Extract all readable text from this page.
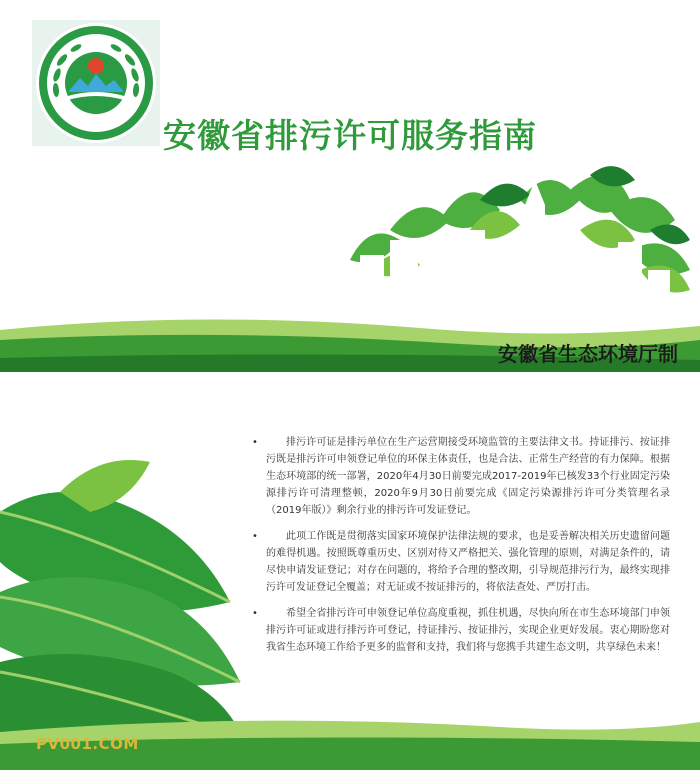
ZHB	安徽省排污许可服务指南
安徽省生态环境厅制
PV001.COM
•	排污许可证是排污单位在生产运营期接受环境监管的主要法律文书。持证排污、按证排污既是排污许可申领登记单位的环保主体责任，也是合法、正常生产经营的有力保障。根据生态环境部的统一部署，2020年4月30日前要完成2017-2019年已核发33个行业固定污染源排污许可清理整顿，2020年9月30日前要完成《固定污染源排污许可分类管理名录（2019年版）》剩余行业的排污许可发证登记。
•	此项工作既是贯彻落实国家环境保护法律法规的要求，也是妥善解决相关历史遗留问题的难得机遇。按照既尊重历史、区别对待又严格把关、强化管理的原则，对满足条件的，请尽快申请发证登记；对存在问题的，将给予合理的整改期，引导规范排污行为，最终实现排污许可发证登记全覆盖；对无证或不按证排污的，将依法查处、严厉打击。
•	希望全省排污许可申领登记单位高度重视，抓住机遇，尽快向所在市生态环境部门申领排污许可证或进行排污许可登记，持证排污、按证排污，实现企业更好发展。衷心期盼您对我省生态环境工作给予更多的监督和支持，我们将与您携手共建生态文明，共享绿色未来！
